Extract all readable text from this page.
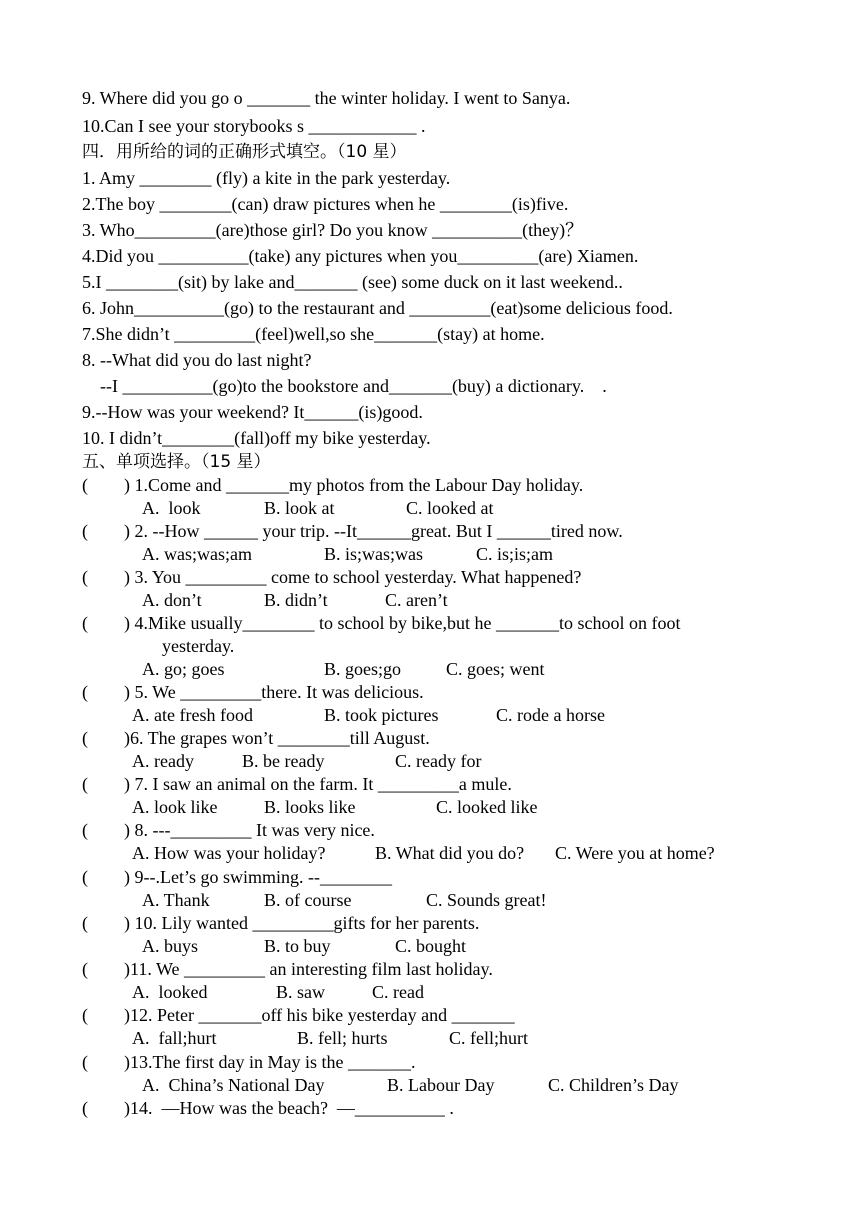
9. Where did you go o _______ the winter holiday. I went to Sanya.
10.Can I see your storybooks s ____________ .
四．用所给的词的正确形式填空。（10 星）
1. Amy ________ (fly) a kite in the park yesterday.
2.The boy ________(can) draw pictures when he ________(is)five.
3. Who_________(are)those girl? Do you know __________(they)？
4.Did you __________(take) any pictures when you_________(are) Xiamen.
5.I ________(sit) by lake and_______ (see) some duck on it last weekend..
6. John__________(go) to the restaurant and _________(eat)some delicious food.
7.She didn’t _________(feel)well,so she_______(stay) at home.
8. --What did you do last night?
--I __________(go)to the bookstore and_______(buy) a dictionary.    .
9.--How was your weekend? It______(is)good.
10. I didn’t________(fall)off my bike yesterday.
五、单项选择。（15 星）
(        ) 1.Come and _______my photos from the Labour Day holiday.
A.  look	B. look at	C. looked at
(        ) 2. --How ______ your trip. --It______great. But I ______tired now.
A. was;was;am	B. is;was;was	C. is;is;am
(        ) 3. You _________ come to school yesterday. What happened?
A. don’t	B. didn’t	C. aren’t
(        ) 4.Mike usually________ to school by bike,but he _______to school on foot
yesterday.
A. go; goes	B. goes;go C. goes; went
(        ) 5. We _________there. It was delicious.
A. ate fresh food	B. took pictures	C. rode a horse
(        )6. The grapes won’t ________till August.
A. ready	B. be ready	C. ready for
(        ) 7. I saw an animal on the farm. It _________a mule.
A. look like	B. looks like	C. looked like
(        ) 8. ---_________ It was very nice.
A. How was your holiday?	B. What did you do? C. Were you at home?
(        ) 9--.Let’s go swimming. --________
A. Thank	B. of course	C. Sounds great!
(        ) 10. Lily wanted _________gifts for her parents.
A. buys	B. to buy	C. bought
(        )11. We _________ an interesting film last holiday.
A.  looked	B. saw	C. read
(        )12. Peter _______off his bike yesterday and _______
A.  fall;hurt	B. fell; hurts	C. fell;hurt
(        )13.The first day in May is the _______.
A.  China’s National Day	B. Labour Day	C. Children’s Day
(        )14.  —How was the beach?  —__________ .
